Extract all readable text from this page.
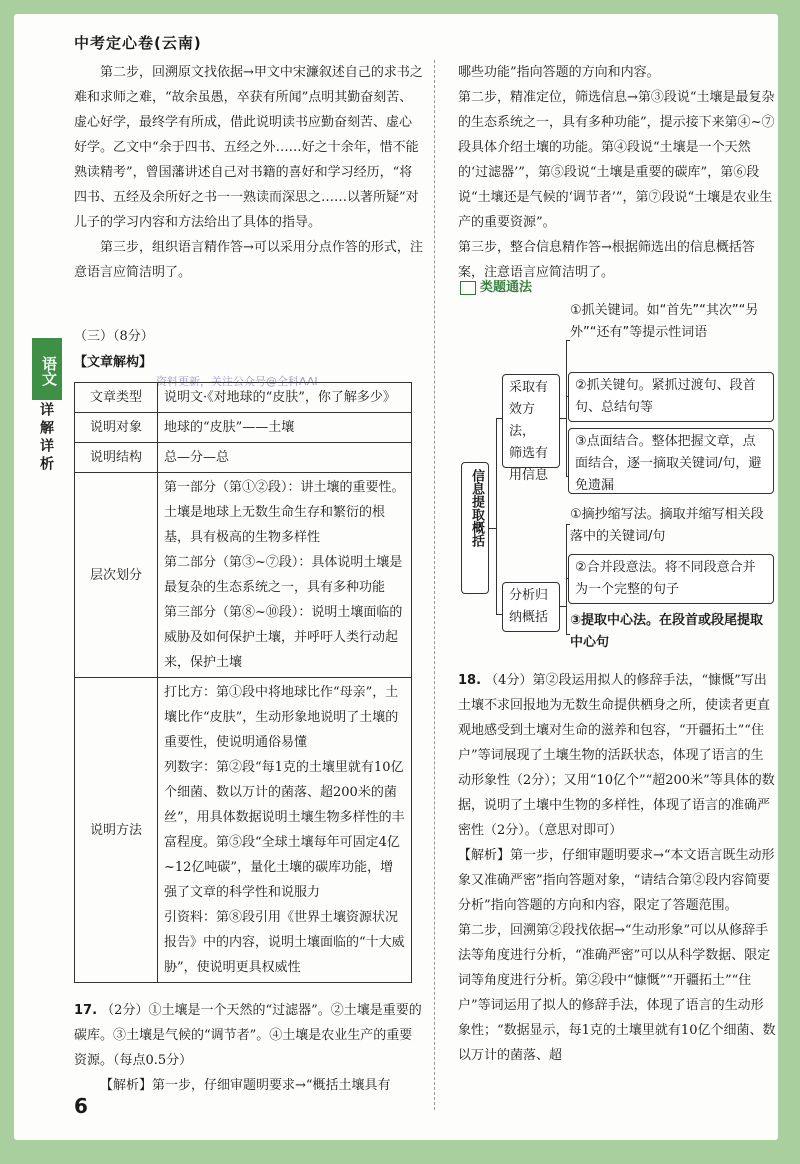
中考定心卷(云南)
语文
详解详析

第二步，回溯原文找依据→甲文中宋濂叙述自己的求书之难和求师之难，“故余虽愚，卒获有所闻”点明其勤奋刻苦、虚心好学，最终学有所成，借此说明读书应勤奋刻苦、虚心好学。乙文中“余于四书、五经之外……好之十余年，惜不能熟读精考”，曾国藩讲述自己对书籍的喜好和学习经历，“将四书、五经及余所好之书一一熟读而深思之……以著所疑”对儿子的学习内容和方法给出了具体的指导。

第三步，组织语言精作答→可以采用分点作答的形式，注意语言应简洁明了。

（三）（8分）
【文章解构】
资料更新，关注公众号@全科AAI
文章类型	说明文·《对地球的“皮肤”，你了解多少》
说明对象	地球的“皮肤”——土壤
说明结构	总—分—总
层次划分	第一部分（第①②段）：讲土壤的重要性。土壤是地球上无数生命生存和繁衍的根基，具有极高的生物多样性
第二部分（第③~⑦段）：具体说明土壤是最复杂的生态系统之一，具有多种功能
第三部分（第⑧~⑩段）：说明土壤面临的威胁及如何保护土壤，并呼吁人类行动起来，保护土壤

说明方法	打比方：第①段中将地球比作“母亲”，土壤比作“皮肤”，生动形象地说明了土壤的重要性，使说明通俗易懂
列数字：第②段“每1克的土壤里就有10亿个细菌、数以万计的菌落、超200米的菌丝”，用具体数据说明土壤生物多样性的丰富程度。第⑤段“全球土壤每年可固定4亿~12亿吨碳”，量化土壤的碳库功能，增强了文章的科学性和说服力
引资料：第⑧段引用《世界土壤资源状况报告》中的内容，说明土壤面临的“十大威胁”，使说明更具权威性
17. （2分）①土壤是一个天然的“过滤器”。②土壤是重要的碳库。③土壤是气候的“调节者”。④土壤是农业生产的重要资源。（每点0.5分）
【解析】第一步，仔细审题明要求→“概括土壤具有

哪些功能”指向答题的方向和内容。

第二步，精准定位，筛选信息→第③段说“土壤是最复杂的生态系统之一，具有多种功能”，提示接下来第④~⑦段具体介绍土壤的功能。第④段说“土壤是一个天然的‘过滤器’”，第⑤段说“土壤是重要的碳库”，第⑥段说“土壤还是气候的‘调节者’”，第⑦段说“土壤是农业生产的重要资源”。

第三步，整合信息精作答→根据筛选出的信息概括答案，注意语言应简洁明了。

类题通法
信息提取概括
采取有效方法，
筛选有用信息
①抓关键词。如“首先”“其次”“另外”“还有”等提示性词语
②抓关键句。紧抓过渡句、段首句、总结句等
③点面结合。整体把握文章，点面结合，逐一摘取关键词/句，避免遗漏
分析归纳概括
①摘抄缩写法。摘取并缩写相关段落中的关键词/句
②合并段意法。将不同段意合并为一个完整的句子
③提取中心法。在段首或段尾提取中心句
18. （4分）第②段运用拟人的修辞手法，“慷慨”写出土壤不求回报地为无数生命提供栖身之所，使读者更直观地感受到土壤对生命的滋养和包容，“开疆拓土”“住户”等词展现了土壤生物的活跃状态，体现了语言的生动形象性（2分）；又用“10亿个”“超200米”等具体的数据，说明了土壤中生物的多样性，体现了语言的准确严密性（2分）。（意思对即可）

【解析】第一步，仔细审题明要求→“本文语言既生动形象又准确严密”指向答题对象，“请结合第②段内容简要分析”指向答题的方向和内容，限定了答题范围。

第二步，回溯第②段找依据→“生动形象”可以从修辞手法等角度进行分析，“准确严密”可以从科学数据、限定词等角度进行分析。第②段中“慷慨”“开疆拓土”“住户”等词运用了拟人的修辞手法，体现了语言的生动形象性；“数据显示，每1克的土壤里就有10亿个细菌、数以万计的菌落、超

6
